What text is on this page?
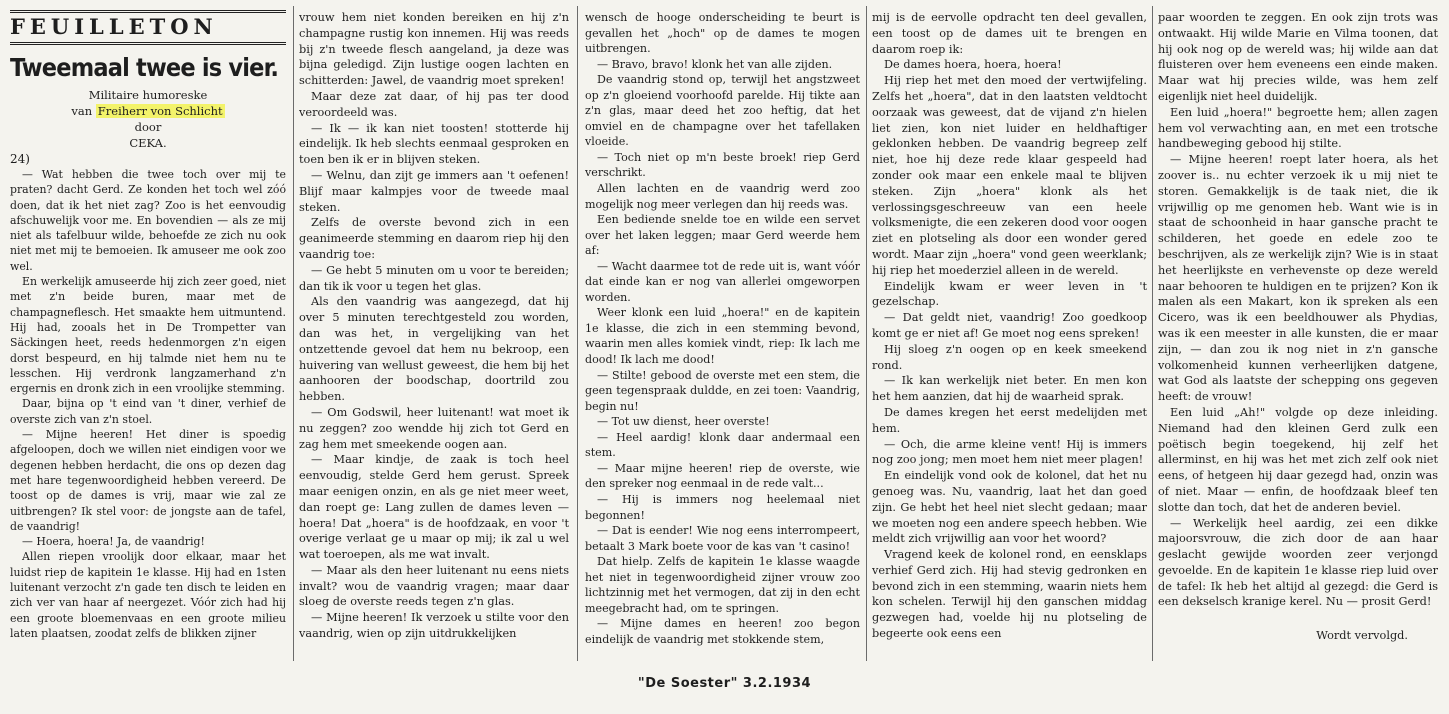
FEUILLETON
Tweemaal twee is vier.
Militaire humoreske
van Freiherr von Schlicht
door
CEKA.
24)

— Wat hebben die twee toch over mij te praten? dacht Gerd. Ze konden het toch wel zóó doen, dat ik het niet zag? Zoo is het eenvoudig afschuwelijk voor me. En bovendien — als ze mij niet als tafelbuur wilde, behoefde ze zich nu ook niet met mij te bemoeien. Ik amuseer me ook zoo wel.

En werkelijk amuseerde hij zich zeer goed, niet met z'n beide buren, maar met de champagneflesch. Het smaakte hem uitmuntend. Hij had, zooals het in De Trompetter van Säckingen heet, reeds hedenmorgen z'n eigen dorst bespeurd, en hij talmde niet hem nu te lesschen. Hij verdronk langzamerhand z'n ergernis en dronk zich in een vroolijke stemming.

Daar, bijna op 't eind van 't diner, verhief de overste zich van z'n stoel.

— Mijne heeren! Het diner is spoedig afgeloopen, doch we willen niet eindigen voor we degenen hebben herdacht, die ons op dezen dag met hare tegenwoordigheid hebben vereerd. De toost op de dames is vrij, maar wie zal ze uitbrengen? Ik stel voor: de jongste aan de tafel, de vaandrig!

— Hoera, hoera! Ja, de vaandrig!

Allen riepen vroolijk door elkaar, maar het luidst riep de kapitein 1e klasse. Hij had en 1sten luitenant verzocht z'n gade ten disch te leiden en zich ver van haar af neergezet. Vóór zich had hij een groote bloemenvaas en een groote milieu laten plaatsen, zoodat zelfs de blikken zijner

vrouw hem niet konden bereiken en hij z'n champagne rustig kon innemen. Hij was reeds bij z'n tweede flesch aangeland, ja deze was bijna geledigd. Zijn lustige oogen lachten en schitterden: Jawel, de vaandrig moet spreken!

Maar deze zat daar, of hij pas ter dood veroordeeld was.

— Ik — ik kan niet toosten! stotterde hij eindelijk. Ik heb slechts eenmaal gesproken en toen ben ik er in blijven steken.

— Welnu, dan zijt ge immers aan 't oefenen! Blijf maar kalmpjes voor de tweede maal steken.

Zelfs de overste bevond zich in een geanimeerde stemming en daarom riep hij den vaandrig toe:

— Ge hebt 5 minuten om u voor te bereiden; dan tik ik voor u tegen het glas.

Als den vaandrig was aangezegd, dat hij over 5 minuten terechtgesteld zou worden, dan was het, in vergelijking van het ontzettende gevoel dat hem nu bekroop, een huivering van wellust geweest, die hem bij het aanhooren der boodschap, doortrild zou hebben.

— Om Godswil, heer luitenant! wat moet ik nu zeggen? zoo wendde hij zich tot Gerd en zag hem met smeekende oogen aan.

— Maar kindje, de zaak is toch heel eenvoudig, stelde Gerd hem gerust. Spreek maar eenigen onzin, en als ge niet meer weet, dan roept ge: Lang zullen de dames leven — hoera! Dat „hoera" is de hoofdzaak, en voor 't overige verlaat ge u maar op mij; ik zal u wel wat toeroepen, als me wat invalt.

— Maar als den heer luitenant nu eens niets invalt? wou de vaandrig vragen; maar daar sloeg de overste reeds tegen z'n glas.

— Mijne heeren! Ik verzoek u stilte voor den vaandrig, wien op zijn uitdrukkelijken

wensch de hooge onderscheiding te beurt is gevallen het „hoch" op de dames te mogen uitbrengen.

— Bravo, bravo! klonk het van alle zijden.

De vaandrig stond op, terwijl het angstzweet op z'n gloeiend voorhoofd parelde. Hij tikte aan z'n glas, maar deed het zoo heftig, dat het omviel en de champagne over het tafellaken vloeide.

— Toch niet op m'n beste broek! riep Gerd verschrikt.

Allen lachten en de vaandrig werd zoo mogelijk nog meer verlegen dan hij reeds was.

Een bediende snelde toe en wilde een servet over het laken leggen; maar Gerd weerde hem af:

— Wacht daarmee tot de rede uit is, want vóór dat einde kan er nog van allerlei omgeworpen worden.

Weer klonk een luid „hoera!" en de kapitein 1e klasse, die zich in een stemming bevond, waarin men alles komiek vindt, riep: Ik lach me dood! Ik lach me dood!

— Stilte! gebood de overste met een stem, die geen tegenspraak duldde, en zei toen: Vaandrig, begin nu!

— Tot uw dienst, heer overste!

— Heel aardig! klonk daar andermaal een stem.

— Maar mijne heeren! riep de overste, wie den spreker nog eenmaal in de rede valt...

— Hij is immers nog heelemaal niet begonnen!

— Dat is eender! Wie nog eens interrompeert, betaalt 3 Mark boete voor de kas van 't casino!

Dat hielp. Zelfs de kapitein 1e klasse waagde het niet in tegenwoordigheid zijner vrouw zoo lichtzinnig met het vermogen, dat zij in den echt meegebracht had, om te springen.

— Mijne dames en heeren! zoo begon eindelijk de vaandrig met stokkende stem,

mij is de eervolle opdracht ten deel gevallen, een toost op de dames uit te brengen en daarom roep ik:

De dames hoera, hoera, hoera!

Hij riep het met den moed der vertwijfeling. Zelfs het „hoera", dat in den laatsten veldtocht oorzaak was geweest, dat de vijand z'n hielen liet zien, kon niet luider en heldhaftiger geklonken hebben. De vaandrig begreep zelf niet, hoe hij deze rede klaar gespeeld had zonder ook maar een enkele maal te blijven steken. Zijn „hoera" klonk als het verlossingsgeschreeuw van een heele volksmenigte, die een zekeren dood voor oogen ziet en plotseling als door een wonder gered wordt. Maar zijn „hoera" vond geen weerklank; hij riep het moederziel alleen in de wereld.

Eindelijk kwam er weer leven in 't gezelschap.

— Dat geldt niet, vaandrig! Zoo goedkoop komt ge er niet af! Ge moet nog eens spreken!

Hij sloeg z'n oogen op en keek smeekend rond.

— Ik kan werkelijk niet beter. En men kon het hem aanzien, dat hij de waarheid sprak.

De dames kregen het eerst medelijden met hem.

— Och, die arme kleine vent! Hij is immers nog zoo jong; men moet hem niet meer plagen!

En eindelijk vond ook de kolonel, dat het nu genoeg was. Nu, vaandrig, laat het dan goed zijn. Ge hebt het heel niet slecht gedaan; maar we moeten nog een andere speech hebben. Wie meldt zich vrijwillig aan voor het woord?

Vragend keek de kolonel rond, en eensklaps verhief Gerd zich. Hij had stevig gedronken en bevond zich in een stemming, waarin niets hem kon schelen. Terwijl hij den ganschen middag gezwegen had, voelde hij nu plotseling de begeerte ook eens een

paar woorden te zeggen. En ook zijn trots was ontwaakt. Hij wilde Marie en Vilma toonen, dat hij ook nog op de wereld was; hij wilde aan dat fluisteren over hem eveneens een einde maken. Maar wat hij precies wilde, was hem zelf eigenlijk niet heel duidelijk.

Een luid „hoera!" begroette hem; allen zagen hem vol verwachting aan, en met een trotsche handbeweging gebood hij stilte.

— Mijne heeren! roept later hoera, als het zoover is.. nu echter verzoek ik u mij niet te storen. Gemakkelijk is de taak niet, die ik vrijwillig op me genomen heb. Want wie is in staat de schoonheid in haar gansche pracht te schilderen, het goede en edele zoo te beschrijven, als ze werkelijk zijn? Wie is in staat het heerlijkste en verhevenste op deze wereld naar behooren te huldigen en te prijzen? Kon ik malen als een Makart, kon ik spreken als een Cicero, was ik een beeldhouwer als Phydias, was ik een meester in alle kunsten, die er maar zijn, — dan zou ik nog niet in z'n gansche volkomenheid kunnen verheerlijken datgene, wat God als laatste der schepping ons gegeven heeft: de vrouw!

Een luid „Ah!" volgde op deze inleiding. Niemand had den kleinen Gerd zulk een poëtisch begin toegekend, hij zelf het allerminst, en hij was het met zich zelf ook niet eens, of hetgeen hij daar gezegd had, onzin was of niet. Maar — enfin, de hoofdzaak bleef ten slotte dan toch, dat het de anderen beviel.

— Werkelijk heel aardig, zei een dikke majoorsvrouw, die zich door de aan haar geslacht gewijde woorden zeer verjongd gevoelde. En de kapitein 1e klasse riep luid over de tafel: Ik heb het altijd al gezegd: die Gerd is een dekselsch kranige kerel. Nu — prosit Gerd!

Wordt vervolgd.
"De Soester" 3.2.1934
